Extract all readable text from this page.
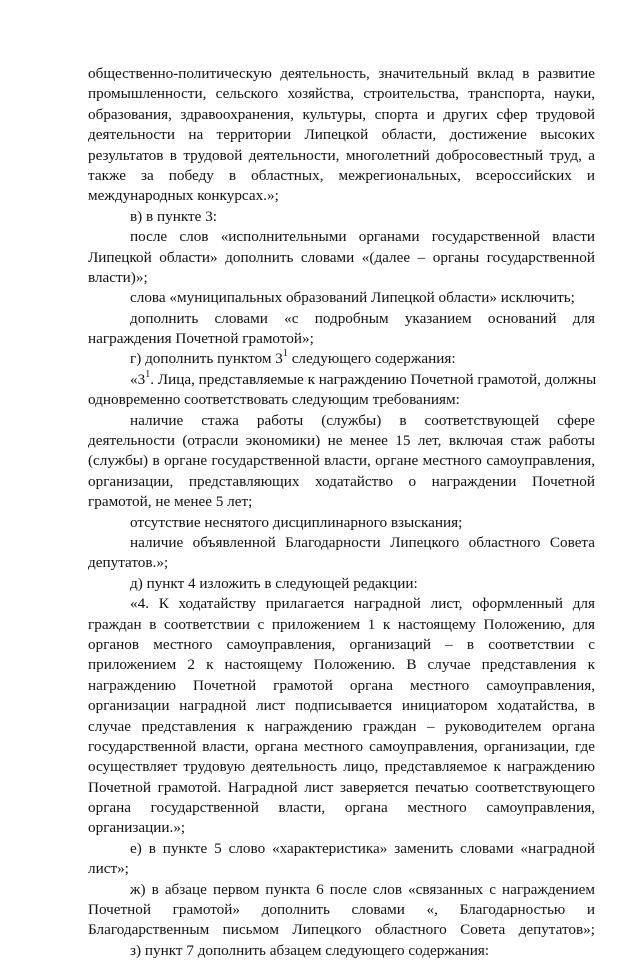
общественно-политическую деятельность, значительный вклад в развитие
промышленности, сельского хозяйства, строительства, транспорта, науки,
образования, здравоохранения, культуры, спорта и других сфер трудовой
деятельности на территории Липецкой области, достижение высоких
результатов в трудовой деятельности, многолетний добросовестный труд, а
также за победу в областных, межрегиональных, всероссийских и
международных конкурсах.»;
в) в пункте 3:
после слов «исполнительными органами государственной власти
Липецкой области» дополнить словами «(далее – органы государственной
власти)»;
слова «муниципальных образований Липецкой области» исключить;
дополнить словами «с подробным указанием оснований для
награждения Почетной грамотой»;
г) дополнить пунктом $3^1$ следующего содержания:
«$3^1$. Лица, представляемые к награждению Почетной грамотой, должны
одновременно соответствовать следующим требованиям:
наличие стажа работы (службы) в соответствующей сфере
деятельности (отрасли экономики) не менее 15 лет, включая стаж работы
(службы) в органе государственной власти, органе местного самоуправления,
организации, представляющих ходатайство о награждении Почетной
грамотой, не менее 5 лет;
отсутствие неснятого дисциплинарного взыскания;
наличие объявленной Благодарности Липецкого областного Совета
депутатов.»;
д) пункт 4 изложить в следующей редакции:
«4. К ходатайству прилагается наградной лист, оформленный для
граждан в соответствии с приложением 1 к настоящему Положению, для
органов местного самоуправления, организаций – в соответствии с
приложением 2 к настоящему Положению. В случае представления к
награждению Почетной грамотой органа местного самоуправления,
организации наградной лист подписывается инициатором ходатайства, в
случае представления к награждению граждан – руководителем органа
государственной власти, органа местного самоуправления, организации, где
осуществляет трудовую деятельность лицо, представляемое к награждению
Почетной грамотой. Наградной лист заверяется печатью соответствующего
органа государственной власти, органа местного самоуправления,
организации.»;
е) в пункте 5 слово «характеристика» заменить словами «наградной
лист»;
ж) в абзаце первом пункта 6 после слов «связанных с награждением
Почетной грамотой» дополнить словами «, Благодарностью и
Благодарственным письмом Липецкого областного Совета депутатов»;
з) пункт 7 дополнить абзацем следующего содержания:
